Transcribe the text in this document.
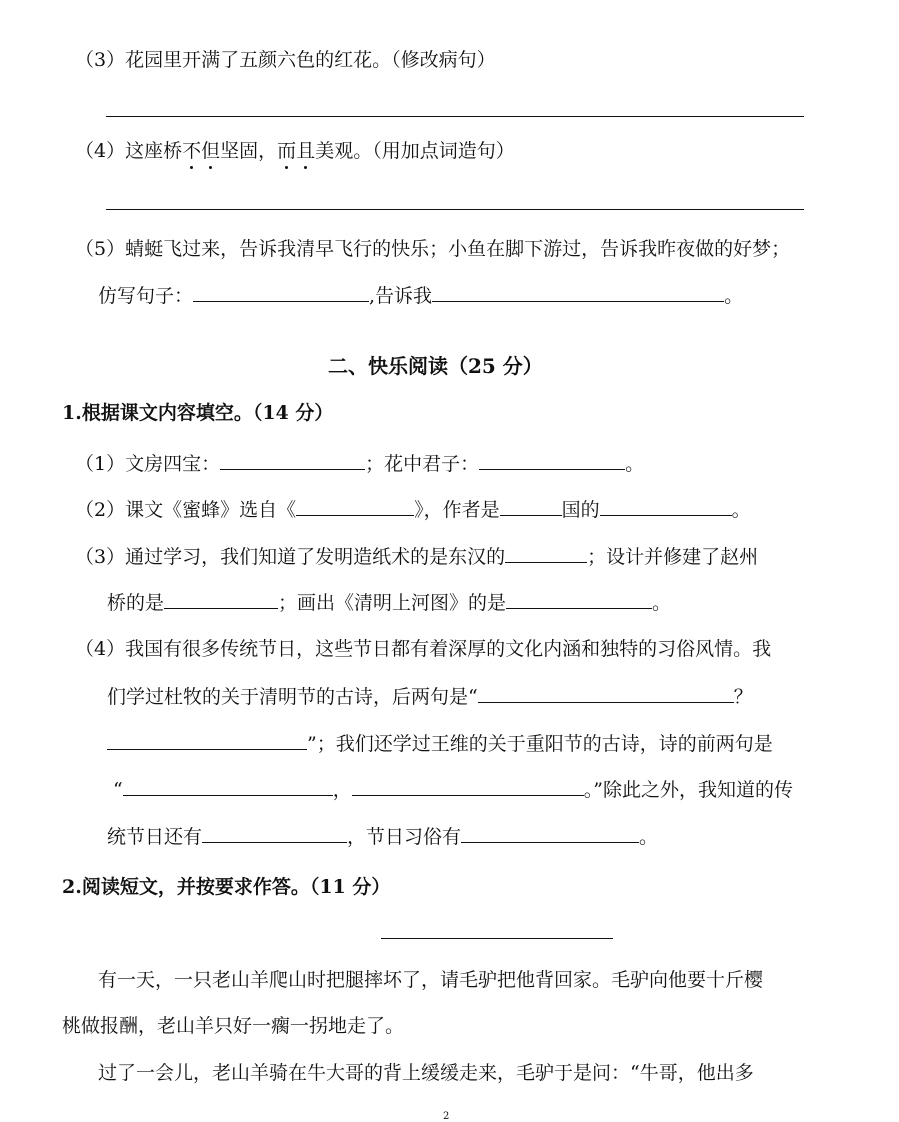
（3）花园里开满了五颜六色的红花。（修改病句）
（4）这座桥不但坚固，而且美观。（用加点词造句）
（5）蜻蜓飞过来，告诉我清早飞行的快乐；小鱼在脚下游过，告诉我昨夜做的好梦；
仿写句子：	,告诉我	。
二、快乐阅读（25 分）
1.根据课文内容填空。（14 分）
（1）文房四宝：	；花中君子：	。
（2）课文《蜜蜂》选自《	》，作者是	国的	。
（3）通过学习，我们知道了发明造纸术的是东汉的	；设计并修建了赵州
桥的是	；画出《清明上河图》的是	。
（4）我国有很多传统节日，这些节日都有着深厚的文化内涵和独特的习俗风情。我
们学过杜牧的关于清明节的古诗，后两句是“	？
”；我们还学过王维的关于重阳节的古诗，诗的前两句是
“	，	。”除此之外，我知道的传
统节日还有	，节日习俗有	。
2.阅读短文，并按要求作答。（11 分）
有一天，一只老山羊爬山时把腿摔坏了，请毛驴把他背回家。毛驴向他要十斤樱
桃做报酬，老山羊只好一瘸一拐地走了。
过了一会儿，老山羊骑在牛大哥的背上缓缓走来，毛驴于是问：“牛哥，他出多
2
